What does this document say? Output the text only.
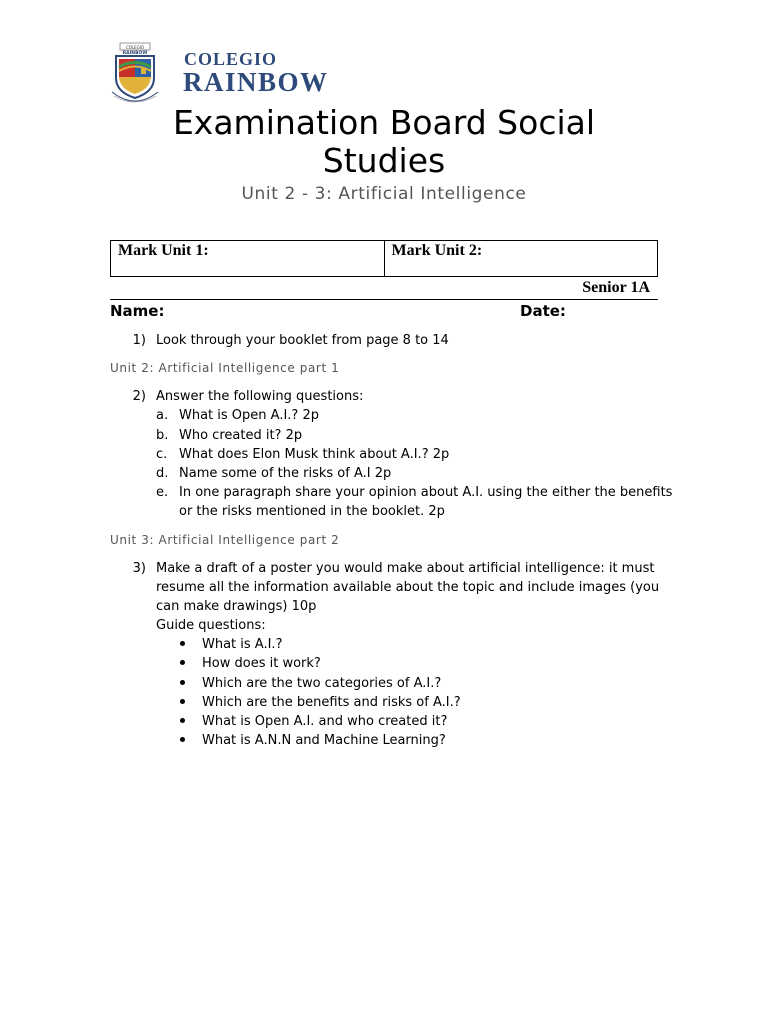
COLEGIO
RAINBOW COLEGIO
RAINBOW
Examination Board Social Studies
Unit 2 - 3: Artificial Intelligence
Mark Unit 1:	Mark Unit 2:
Senior 1A
Name:	Date:
1) Look through your booklet from page 8 to 14
Unit 2: Artificial Intelligence part 1
2) Answer the following questions:
a. What is Open A.I.? 2p
b. Who created it? 2p
c. What does Elon Musk think about A.I.? 2p
d. Name some of the risks of A.I 2p
e. In one paragraph share your opinion about A.I. using the either the benefits
or the risks mentioned in the booklet. 2p
Unit 3: Artificial Intelligence part 2
3) Make a draft of a poster you would make about artificial intelligence: it must
resume all the information available about the topic and include images (you
can make drawings) 10p
Guide questions:
What is A.I.?
How does it work?
Which are the two categories of A.I.?
Which are the benefits and risks of A.I.?
What is Open A.I. and who created it?
What is A.N.N and Machine Learning?
